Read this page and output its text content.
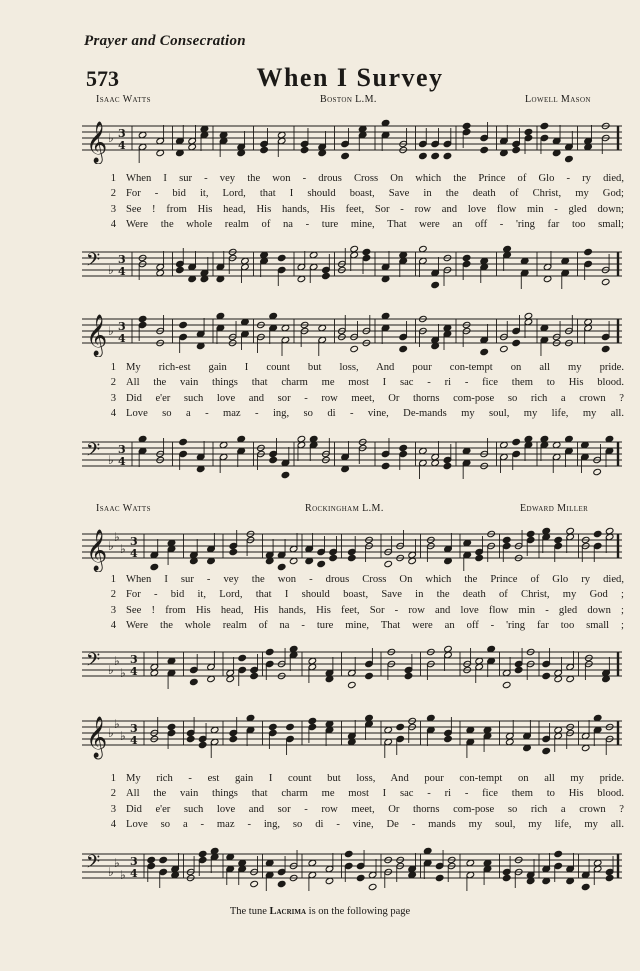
Prayer and Consecration
573	When I Survey
Isaac Watts	Boston L.M.	Lowell Mason
𝄞 ♭ 3
4
1 When I sur - vey the won - drous Cross On which the Prince of Glo - ry died,
2 For - bid it, Lord, that I should boast, Save in the death of Christ, my God;
3 See ! from His head, His hands, His feet, Sor - row and love flow min - gled down;
4 Were the whole realm of na - ture mine, That were an off - 'ring far too small;
𝄢 ♭
3
4
𝄞 ♭ 3
4
1 My rich-est gain I count but loss, And pour con-tempt on all my pride.
2 All the vain things that charm me most I sac - ri - fice them to His blood.
3 Did e'er such love and sor - row meet, Or thorns com-pose so rich a crown ?
4 Love so a - maz - ing, so di - vine, De-mands my soul, my life, my all.
𝄢 ♭
3
4
Isaac Watts	Rockingham L.M.	Edward Miller
𝄞 ♭
♭
♭
3
4
1 When I sur - vey the won - drous Cross On which the Prince of Glo ry died,
2 For - bid it, Lord, that I should boast, Save in the death of Christ, my God ;
3 See ! from His head, His hands, His feet, Sor - row and love flow min - gled down ;
4 Were the whole realm of na - ture mine, That were an off - 'ring far too small ;
𝄢 ♭
♭
♭
3
4
𝄞 ♭
♭
♭
3
4
1 My rich - est gain I count but loss, And pour con-tempt on all my pride.
2 All the vain things that charm me most I sac - ri - fice them to His blood.
3 Did e'er such love and sor - row meet, Or thorns com-pose so rich a crown ?
4 Love so a - maz - ing, so di - vine, De - mands my soul, my life, my all.
𝄢 ♭
♭
♭
3
4
The tune Lacrima is on the following page
